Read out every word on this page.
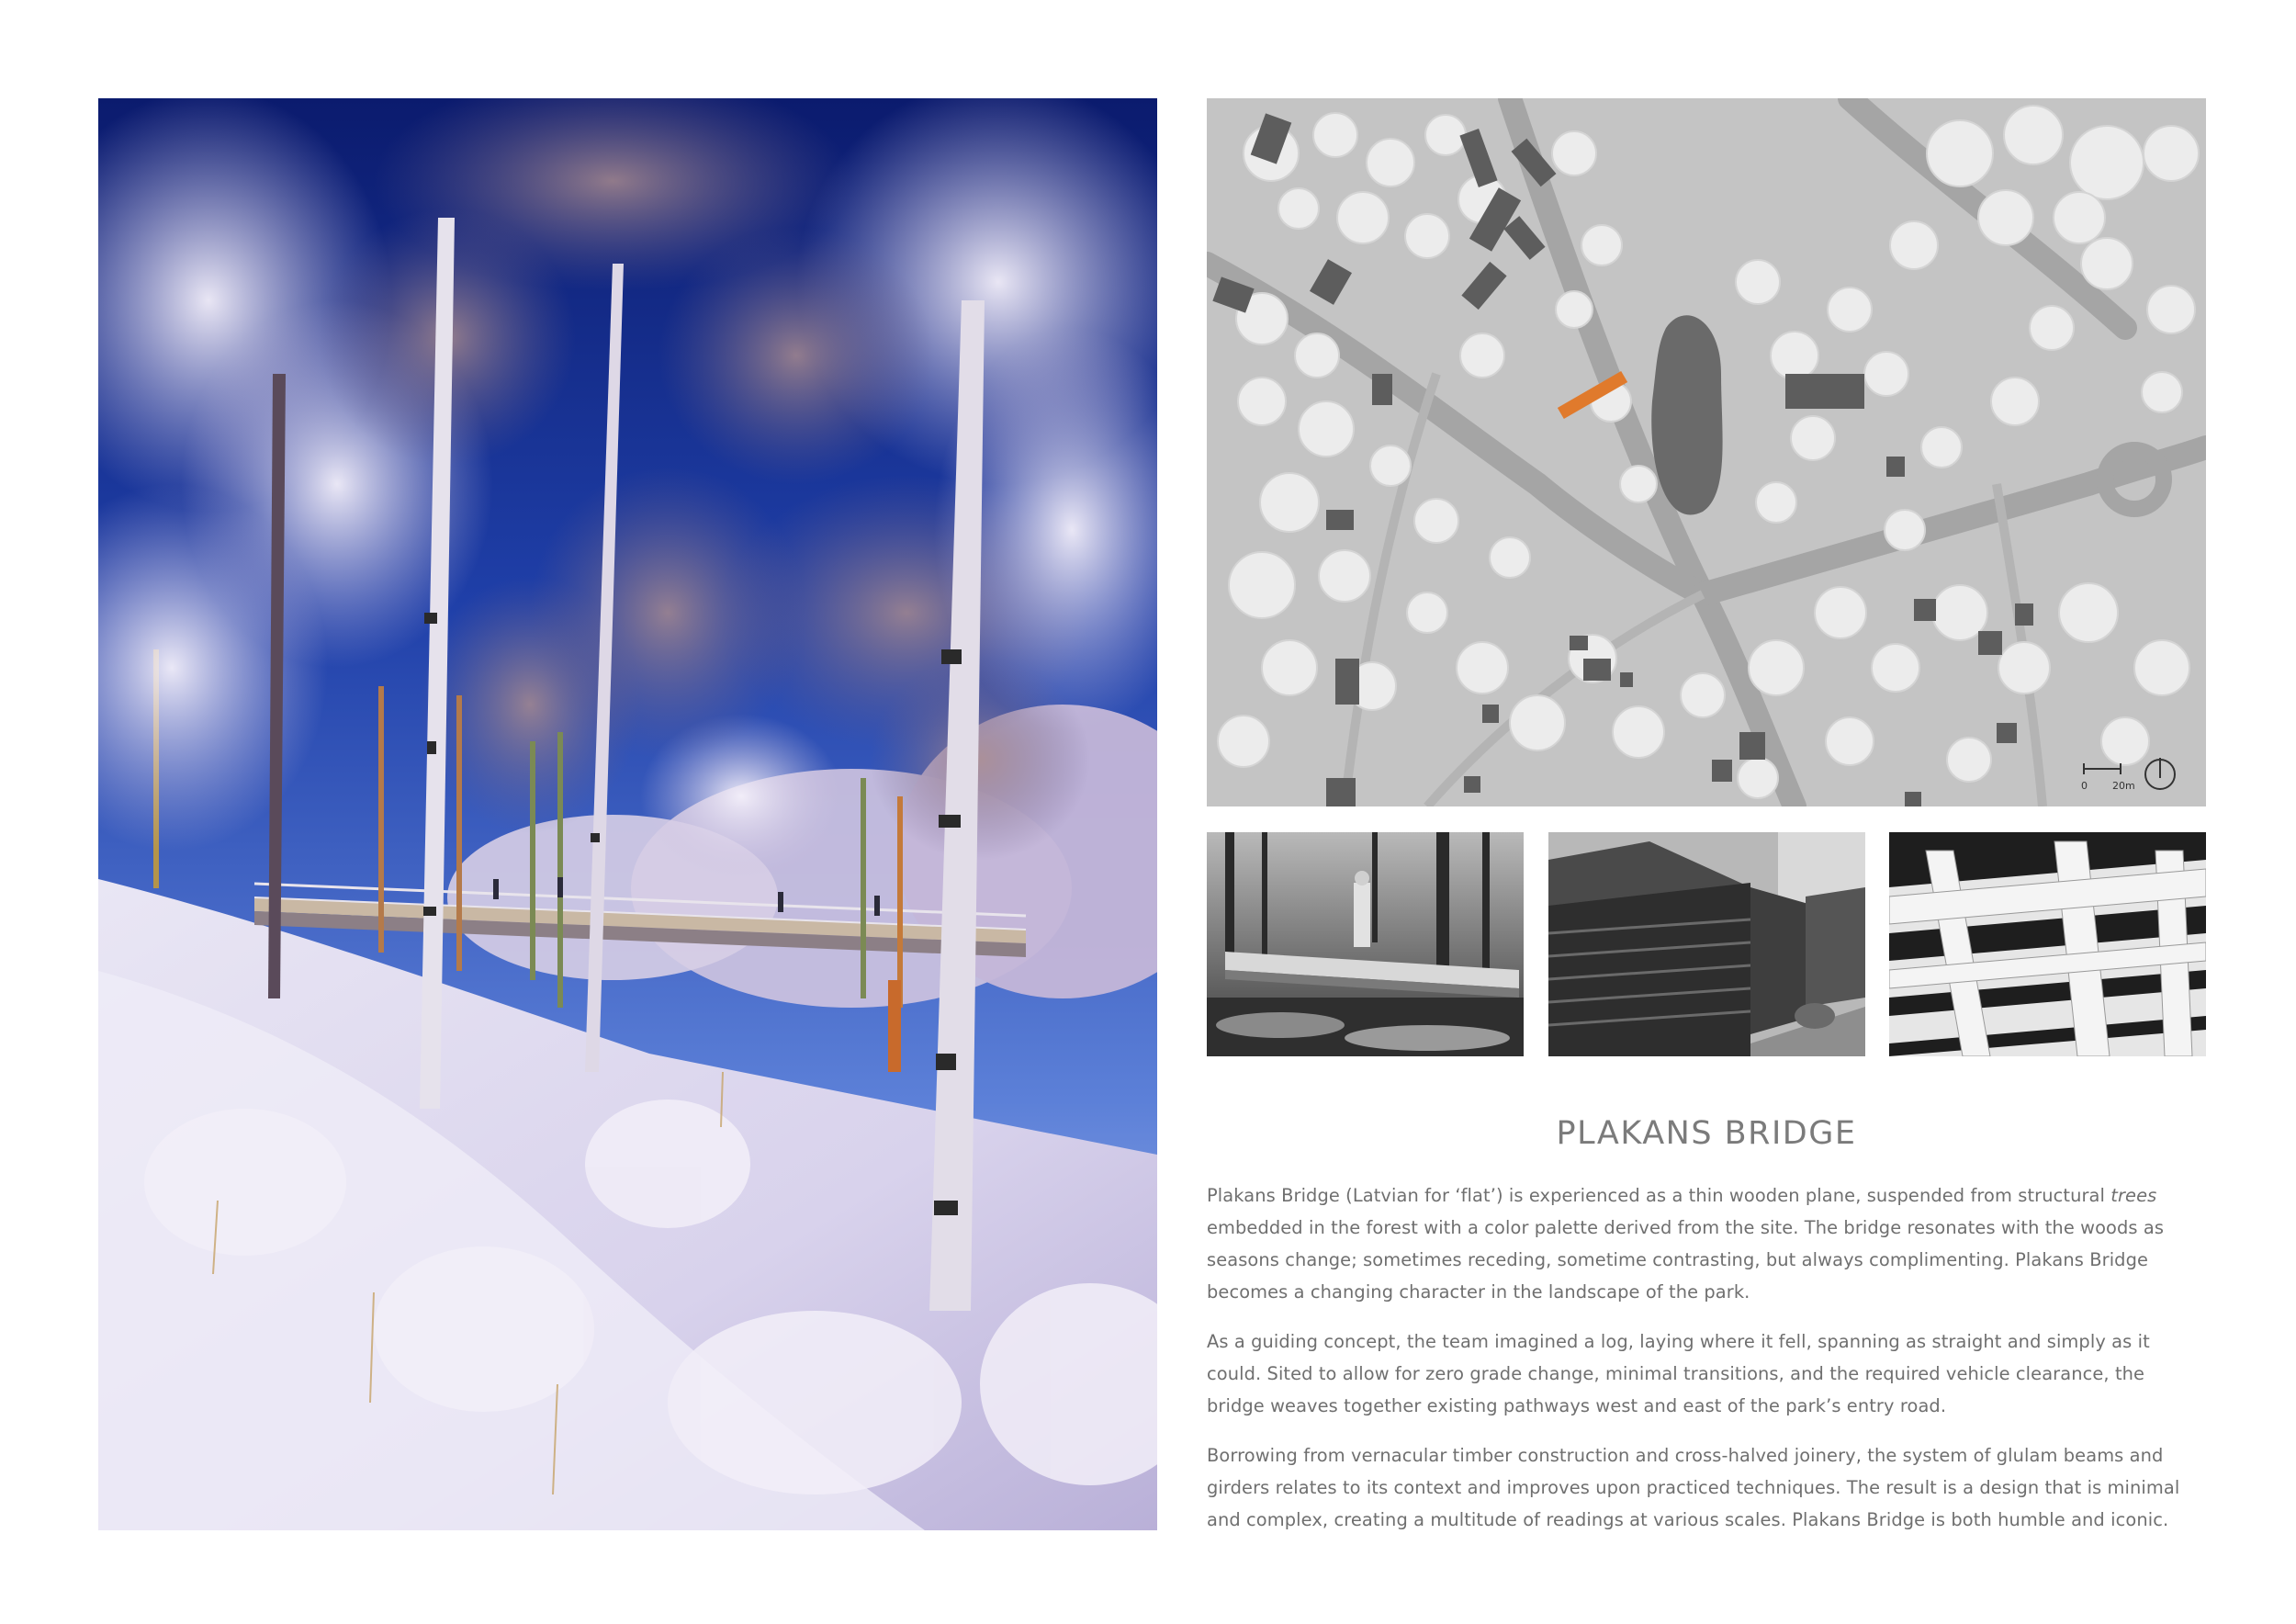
0 20m
PLAKANS BRIDGE

Plakans Bridge (Latvian for ‘flat’) is experienced as a thin wooden plane, suspended from structural trees embedded in the forest with a color palette derived from the site. The bridge resonates with the woods as seasons change; sometimes receding, sometime contrasting, but always complimenting. Plakans Bridge becomes a changing character in the landscape of the park.

As a guiding concept, the team imagined a log, laying where it fell, spanning as straight and simply as it could. Sited to allow for zero grade change, minimal transitions, and the required vehicle clearance, the bridge weaves together existing pathways west and east of the park’s entry road.

Borrowing from vernacular timber construction and cross-halved joinery, the system of glulam beams and girders relates to its context and improves upon practiced techniques. The result is a design that is minimal and complex, creating a multitude of readings at various scales. Plakans Bridge is both humble and iconic.
